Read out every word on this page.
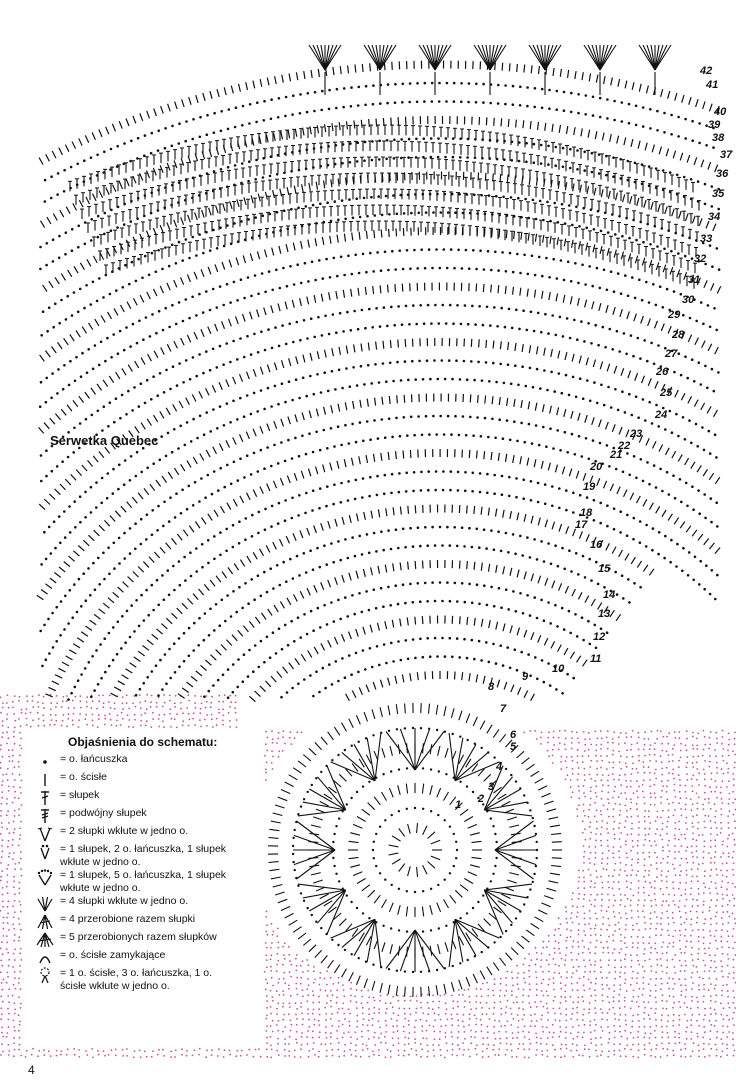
1 2
3
4
5
6
7
8
9
10
11
12
13
14
15
16
17
18
19
20
21
22
23
24
25
26
27
28
29
30
31
32
33
34
35
36
37
38
39
40
41
42
Serwetka Quebec
Objaśnienia do schematu:
= o. łańcuszka
= o. ścisłe
= słupek
= podwójny słupek
= 2 słupki wkłute w jedno o.
= 1 słupek, 2 o. łańcuszka, 1 słupek
wkłute w jedno o.
= 1 słupek, 5 o. łańcuszka, 1 słupek
wkłute w jedno o.
= 4 słupki wkłute w jedno o.
= 4 przerobione razem słupki
= 5 przerobionych razem słupków
= o. ścisłe zamykające
= 1 o. ścisłe, 3 o. łańcuszka, 1 o.
ścisłe wkłute w jedno o.
4
